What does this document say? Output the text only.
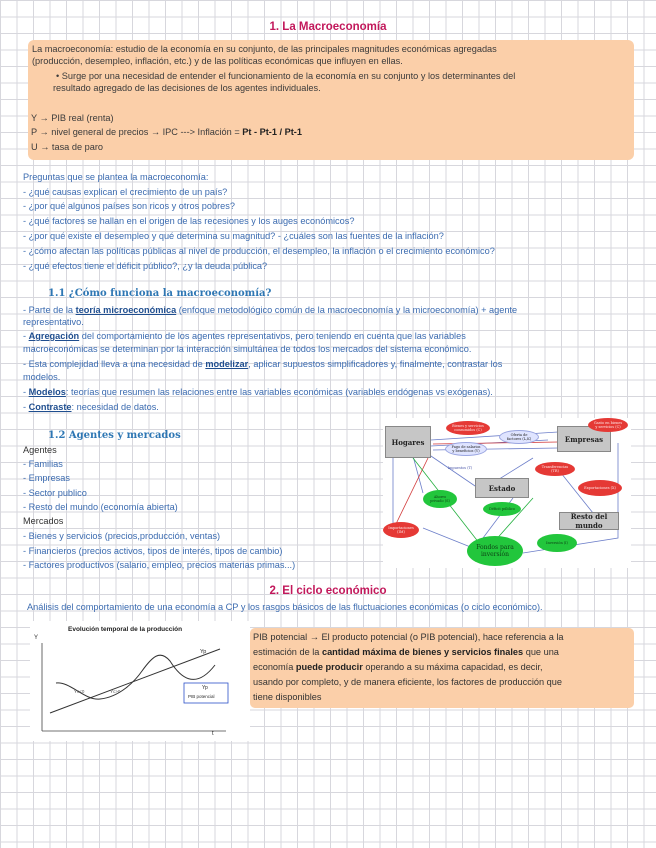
1. La Macroeconomía
La macroeconomía: estudio de la economía en su conjunto, de las principales magnitudes económicas agregadas
(producción, desempleo, inflación, etc.) y de las políticas económicas que influyen en ellas.
• Surge por una necesidad de entender el funcionamiento de la economía en su conjunto y los determinantes del
resultado agregado de las decisiones de los agentes individuales.
Y → PIB real (renta)
P → nivel general de precios → IPC ---> Inflación = Pt - Pt-1 / Pt-1
U → tasa de paro
Preguntas que se plantea la macroeconomía:
- ¿qué causas explican el crecimiento de un país?
- ¿por qué algunos países son ricos y otros pobres?
- ¿qué factores se hallan en el origen de las recesiones y los auges económicos?
- ¿por qué existe el desempleo y qué determina su magnitud? - ¿cuáles son las fuentes de la inflación?
- ¿cómo afectan las políticas públicas al nivel de producción, el desempleo, la inflación o el crecimiento económico?
- ¿qué efectos tiene el déficit público?, ¿y la deuda pública?
1.1 ¿Cómo funciona la macroeconomía?
- Parte de la teoría microeconómica (enfoque metodológico común de la macroeconomía y la microeconomía) + agente
representativo.
- Agregación del comportamiento de los agentes representativos, pero teniendo en cuenta que las variables
macroeconómicas se determinan por la interacción simultánea de todos los mercados del sistema económico.
- Esta complejidad lleva a una necesidad de modelizar, aplicar supuestos simplificadores y, finalmente, contrastar los
modelos.
- Modelos: teorías que resumen las relaciones entre las variables económicas (variables endógenas vs exógenas).
- Contraste: necesidad de datos.
1.2 Agentes y mercados
Agentes
- Familias
- Empresas
- Sector publico
- Resto del mundo (economía abierta)
Mercados
- Bienes y servicios (precios,producción, ventas)
- Financieros (precios activos, tipos de interés, tipos de cambio)
- Factores productivos (salario, empleo, precios materias primas...)
Hogares	Empresas
Estado
Resto del mundo
Bienes y servicios consumidos (C)
Gasto en bienes y servicios (C)
Pago de salarios y beneficios (Y)
Oferta de factores (L,K)
Impuestos (T)	Transferencias (TR)
Exportaciones (X)
Importaciones (IM)
Ahorro privado (S)
Déficit público
Fondos para inversión
Inversión (I)
2. El ciclo económico
Análisis del comportamiento de una economía a CP y los rasgos básicos de las fluctuaciones económicas (o ciclo económico).
Evolución temporal de la producción
Y
t
Yp
Yc<0	Yc>0
Yp
PIB potencial
PIB potencial → El producto potencial (o PIB potencial), hace referencia a la
estimación de la cantidad máxima de bienes y servicios finales que una
economía puede producir operando a su máxima capacidad, es decir,
usando por completo, y de manera eficiente, los factores de producción que
tiene disponibles
